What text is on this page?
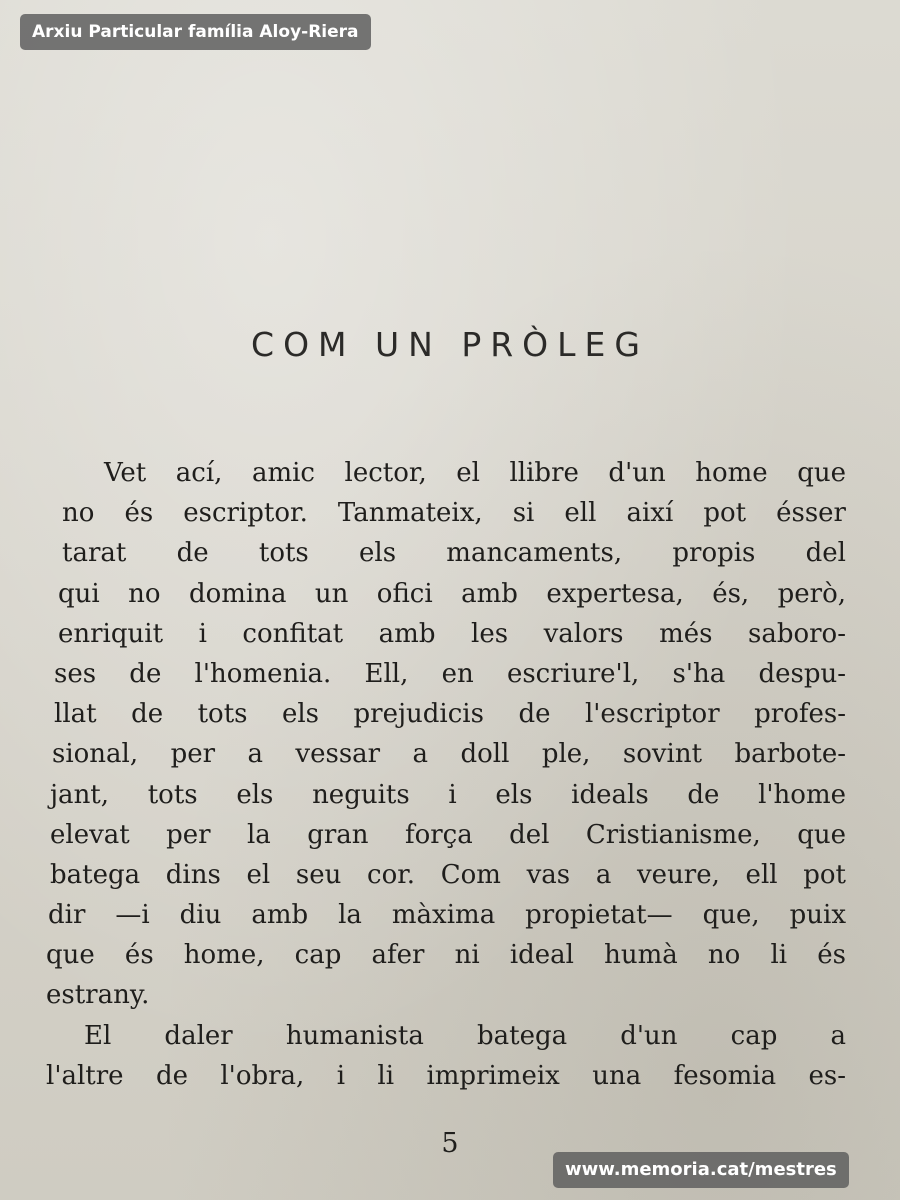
Arxiu Particular família Aloy-Riera
COM UN PRÒLEG
Vet ací, amic lector, el llibre d'un home que
no és escriptor. Tanmateix, si ell així pot ésser
tarat de tots els mancaments, propis del
qui no domina un ofici amb expertesa, és, però,
enriquit i confitat amb les valors més saboro-
ses de l'homenia. Ell, en escriure'l, s'ha despu-
llat de tots els prejudicis de l'escriptor profes-
sional, per a vessar a doll ple, sovint barbote-
jant, tots els neguits i els ideals de l'home
elevat per la gran força del Cristianisme, que
batega dins el seu cor. Com vas a veure, ell pot
dir —i diu amb la màxima propietat— que, puix
que és home, cap afer ni ideal humà no li és
estrany.
El daler humanista batega d'un cap a
l'altre de l'obra, i li imprimeix una fesomia es-
5
www.memoria.cat/mestres
